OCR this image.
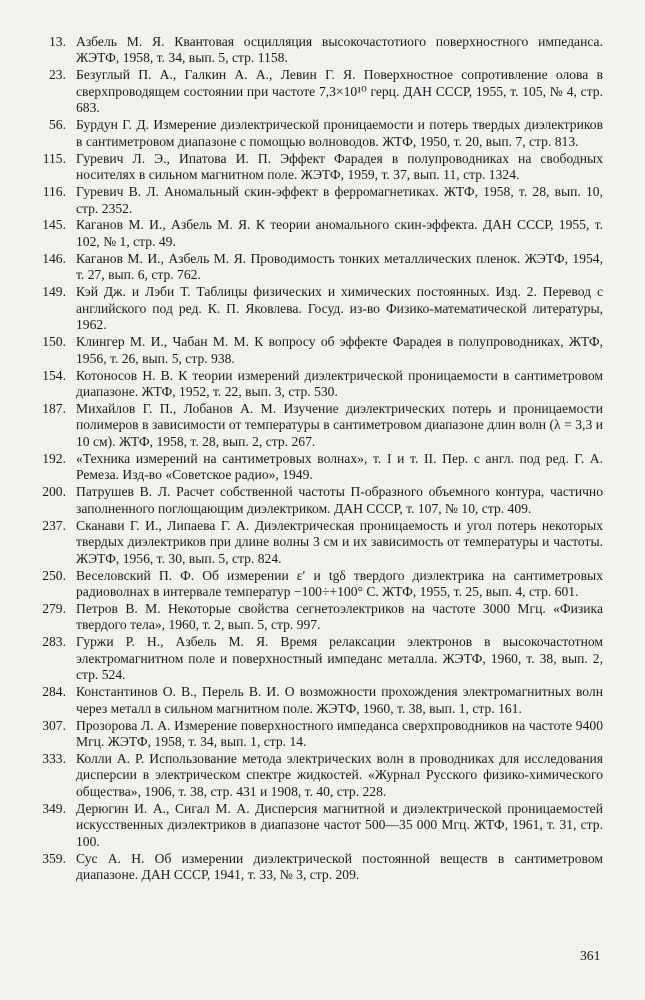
13. Азбель М. Я. Квантовая осцилляция высокочастотиого поверхностного импеданса. ЖЭТФ, 1958, т. 34, вып. 5, стр. 1158.
23. Безуглый П. А., Галкин А. А., Левин Г. Я. Поверхностное сопротивление олова в сверхпроводящем состоянии при частоте 7,3×10¹⁰ герц. ДАН СССР, 1955, т. 105, № 4, стр. 683.
56. Бурдун Г. Д. Измерение диэлектрической проницаемости и потерь твердых диэлектриков в сантиметровом диапазоне с помощью волноводов. ЖТФ, 1950, т. 20, вып. 7, стр. 813.
115. Гуревич Л. Э., Ипатова И. П. Эффект Фарадея в полупроводниках на свободных носителях в сильном магнитном поле. ЖЭТФ, 1959, т. 37, вып. 11, стр. 1324.
116. Гуревич В. Л. Аномальный скин-эффект в ферромагнетиках. ЖТФ, 1958, т. 28, вып. 10, стр. 2352.
145. Каганов М. И., Азбель М. Я. К теории аномального скин-эффекта. ДАН СССР, 1955, т. 102, № 1, стр. 49.
146. Каганов М. И., Азбель М. Я. Проводимость тонких металлических пленок. ЖЭТФ, 1954, т. 27, вып. 6, стр. 762.
149. Кэй Дж. и Лэби Т. Таблицы физических и химических постоянных. Изд. 2. Перевод с английского под ред. К. П. Яковлева. Госуд. из-во Физико-математической литературы, 1962.
150. Клингер М. И., Чабан М. М. К вопросу об эффекте Фарадея в полупроводниках, ЖТФ, 1956, т. 26, вып. 5, стр. 938.
154. Котоносов Н. В. К теории измерений диэлектрической проницаемости в сантиметровом диапазоне. ЖТФ, 1952, т. 22, вып. 3, стр. 530.
187. Михайлов Г. П., Лобанов А. М. Изучение диэлектрических потерь и проницаемости полимеров в зависимости от температуры в сантиметровом диапазоне длин волн (λ = 3,3 и 10 см). ЖТФ, 1958, т. 28, вып. 2, стр. 267.
192. «Техника измерений на сантиметровых волнах», т. I и т. II. Пер. с англ. под ред. Г. А. Ремеза. Изд-во «Советское радио», 1949.
200. Патрушев В. Л. Расчет собственной частоты П-образного объемного контура, частично заполненного поглощающим диэлектриком. ДАН СССР, т. 107, № 10, стр. 409.
237. Сканави Г. И., Липаева Г. А. Диэлектрическая проницаемость и угол потерь некоторых твердых диэлектриков при длине волны 3 см и их зависимость от температуры и частоты. ЖЭТФ, 1956, т. 30, вып. 5, стр. 824.
250. Веселовский П. Ф. Об измерении ε′ и tgδ твердого диэлектрика на сантиметровых радиоволнах в интервале температур −100÷+100° С. ЖТФ, 1955, т. 25, вып. 4, стр. 601.
279. Петров В. М. Некоторые свойства сегнетоэлектриков на частоте 3000 Мгц. «Физика твердого тела», 1960, т. 2, вып. 5, стр. 997.
283. Гуржи Р. Н., Азбель М. Я. Время релаксации электронов в высокочастотном электромагнитном поле и поверхностный импеданс металла. ЖЭТФ, 1960, т. 38, вып. 2, стр. 524.
284. Константинов О. В., Перель В. И. О возможности прохождения электромагнитных волн через металл в сильном магнитном поле. ЖЭТФ, 1960, т. 38, вып. 1, стр. 161.
307. Прозорова Л. А. Измерение поверхностного импеданса сверхпроводников на частоте 9400 Мгц. ЖЭТФ, 1958, т. 34, вып. 1, стр. 14.
333. Колли А. Р. Использование метода электрических волн в проводниках для исследования дисперсии в электрическом спектре жидкостей. «Журнал Русского физико-химического общества», 1906, т. 38, стр. 431 и 1908, т. 40, стр. 228.
349. Дерюгин И. А., Сигал М. А. Дисперсия магнитной и диэлектрической проницаемостей искусственных диэлектриков в диапазоне частот 500—35 000 Мгц. ЖТФ, 1961, т. 31, стр. 100.
359. Сус А. Н. Об измерении диэлектрической постоянной веществ в сантиметровом диапазоне. ДАН СССР, 1941, т. 33, № 3, стр. 209.
361
